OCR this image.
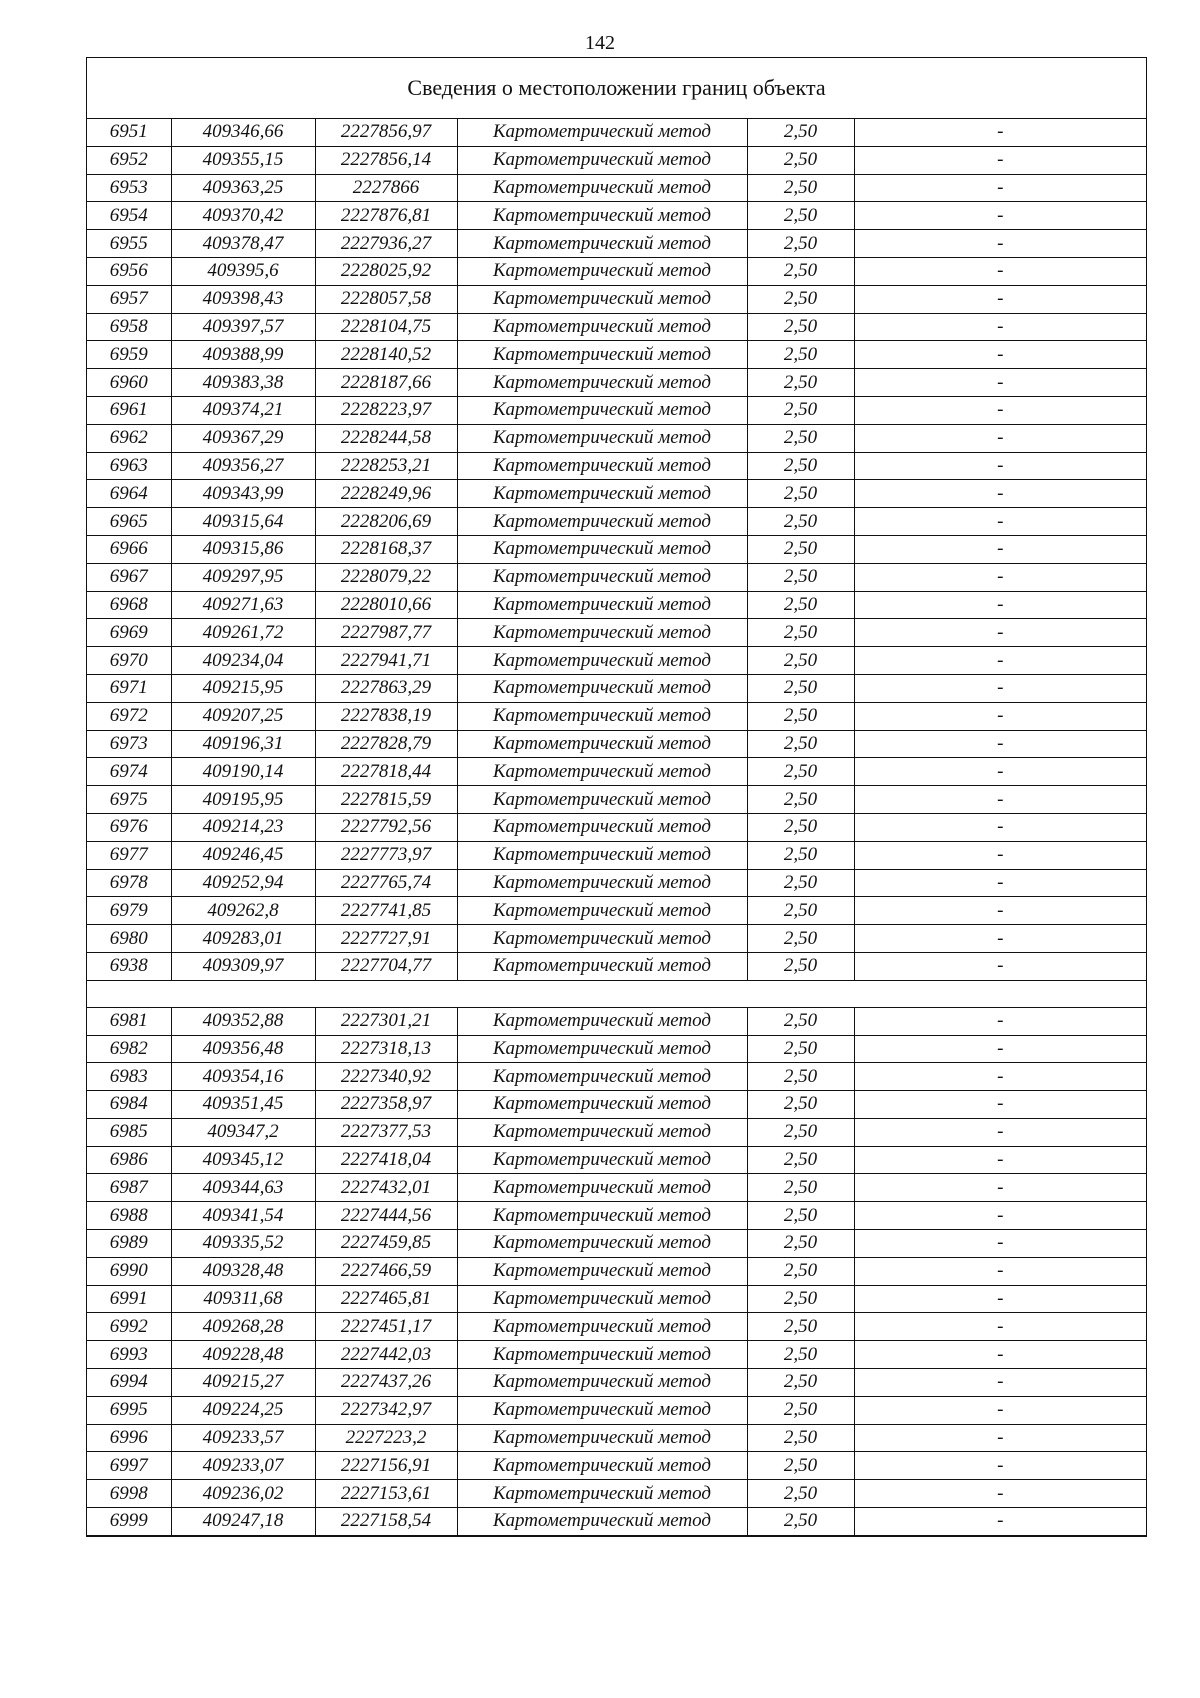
142
Сведения о местоположении границ объекта
6951	409346,66	2227856,97	Картометрический метод	2,50	-
6952	409355,15	2227856,14	Картометрический метод	2,50	-
6953	409363,25	2227866	Картометрический метод	2,50	-
6954	409370,42	2227876,81	Картометрический метод	2,50	-
6955	409378,47	2227936,27	Картометрический метод	2,50	-
6956	409395,6	2228025,92	Картометрический метод	2,50	-
6957	409398,43	2228057,58	Картометрический метод	2,50	-
6958	409397,57	2228104,75	Картометрический метод	2,50	-
6959	409388,99	2228140,52	Картометрический метод	2,50	-
6960	409383,38	2228187,66	Картометрический метод	2,50	-
6961	409374,21	2228223,97	Картометрический метод	2,50	-
6962	409367,29	2228244,58	Картометрический метод	2,50	-
6963	409356,27	2228253,21	Картометрический метод	2,50	-
6964	409343,99	2228249,96	Картометрический метод	2,50	-
6965	409315,64	2228206,69	Картометрический метод	2,50	-
6966	409315,86	2228168,37	Картометрический метод	2,50	-
6967	409297,95	2228079,22	Картометрический метод	2,50	-
6968	409271,63	2228010,66	Картометрический метод	2,50	-
6969	409261,72	2227987,77	Картометрический метод	2,50	-
6970	409234,04	2227941,71	Картометрический метод	2,50	-
6971	409215,95	2227863,29	Картометрический метод	2,50	-
6972	409207,25	2227838,19	Картометрический метод	2,50	-
6973	409196,31	2227828,79	Картометрический метод	2,50	-
6974	409190,14	2227818,44	Картометрический метод	2,50	-
6975	409195,95	2227815,59	Картометрический метод	2,50	-
6976	409214,23	2227792,56	Картометрический метод	2,50	-
6977	409246,45	2227773,97	Картометрический метод	2,50	-
6978	409252,94	2227765,74	Картометрический метод	2,50	-
6979	409262,8	2227741,85	Картометрический метод	2,50	-
6980	409283,01	2227727,91	Картометрический метод	2,50	-
6938	409309,97	2227704,77	Картометрический метод	2,50	-

6981	409352,88	2227301,21	Картометрический метод	2,50	-
6982	409356,48	2227318,13	Картометрический метод	2,50	-
6983	409354,16	2227340,92	Картометрический метод	2,50	-
6984	409351,45	2227358,97	Картометрический метод	2,50	-
6985	409347,2	2227377,53	Картометрический метод	2,50	-
6986	409345,12	2227418,04	Картометрический метод	2,50	-
6987	409344,63	2227432,01	Картометрический метод	2,50	-
6988	409341,54	2227444,56	Картометрический метод	2,50	-
6989	409335,52	2227459,85	Картометрический метод	2,50	-
6990	409328,48	2227466,59	Картометрический метод	2,50	-
6991	409311,68	2227465,81	Картометрический метод	2,50	-
6992	409268,28	2227451,17	Картометрический метод	2,50	-
6993	409228,48	2227442,03	Картометрический метод	2,50	-
6994	409215,27	2227437,26	Картометрический метод	2,50	-
6995	409224,25	2227342,97	Картометрический метод	2,50	-
6996	409233,57	2227223,2	Картометрический метод	2,50	-
6997	409233,07	2227156,91	Картометрический метод	2,50	-
6998	409236,02	2227153,61	Картометрический метод	2,50	-
6999	409247,18	2227158,54	Картометрический метод	2,50	-
